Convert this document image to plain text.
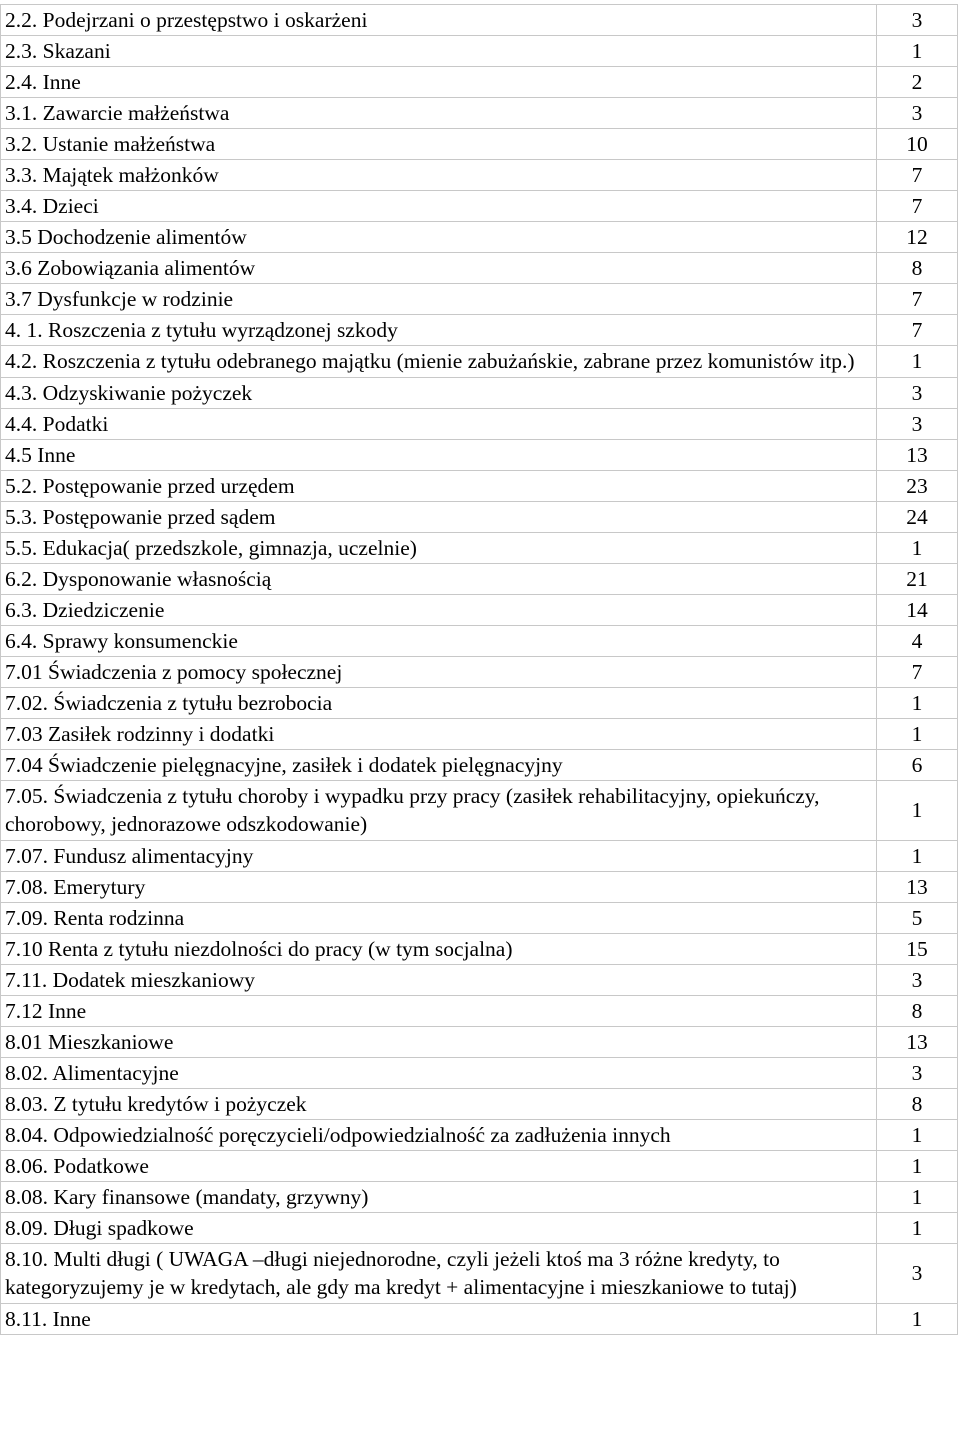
2.2. Podejrzani o przestępstwo i oskarżeni	3
2.3. Skazani	1
2.4. Inne	2
3.1. Zawarcie małżeństwa	3
3.2. Ustanie małżeństwa	10
3.3. Majątek małżonków	7
3.4. Dzieci	7
3.5 Dochodzenie alimentów	12
3.6 Zobowiązania alimentów	8
3.7 Dysfunkcje w rodzinie	7
4. 1. Roszczenia z tytułu wyrządzonej szkody	7
4.2. Roszczenia z tytułu odebranego majątku (mienie zabużańskie, zabrane przez komunistów itp.)	1
4.3. Odzyskiwanie pożyczek	3
4.4. Podatki	3
4.5 Inne	13
5.2. Postępowanie przed urzędem	23
5.3. Postępowanie przed sądem	24
5.5. Edukacja( przedszkole, gimnazja, uczelnie)	1
6.2. Dysponowanie własnością	21
6.3. Dziedziczenie	14
6.4. Sprawy konsumenckie	4
7.01 Świadczenia z pomocy społecznej	7
7.02. Świadczenia z tytułu bezrobocia	1
7.03 Zasiłek rodzinny i dodatki	1
7.04 Świadczenie pielęgnacyjne, zasiłek i dodatek pielęgnacyjny	6
7.05. Świadczenia z tytułu choroby i wypadku przy pracy (zasiłek rehabilitacyjny, opiekuńczy, chorobowy, jednorazowe odszkodowanie)	1
7.07. Fundusz alimentacyjny	1
7.08. Emerytury	13
7.09. Renta rodzinna	5
7.10 Renta z tytułu niezdolności do pracy (w tym socjalna)	15
7.11. Dodatek mieszkaniowy	3
7.12 Inne	8
8.01 Mieszkaniowe	13
8.02. Alimentacyjne	3
8.03. Z tytułu kredytów i pożyczek	8
8.04. Odpowiedzialność poręczycieli/odpowiedzialność za zadłużenia innych	1
8.06. Podatkowe	1
8.08. Kary finansowe (mandaty, grzywny)	1
8.09. Długi spadkowe	1
8.10. Multi długi ( UWAGA –długi niejednorodne, czyli jeżeli ktoś ma 3 różne kredyty, to kategoryzujemy je w kredytach, ale gdy ma kredyt + alimentacyjne i mieszkaniowe to tutaj)	3
8.11. Inne	1
